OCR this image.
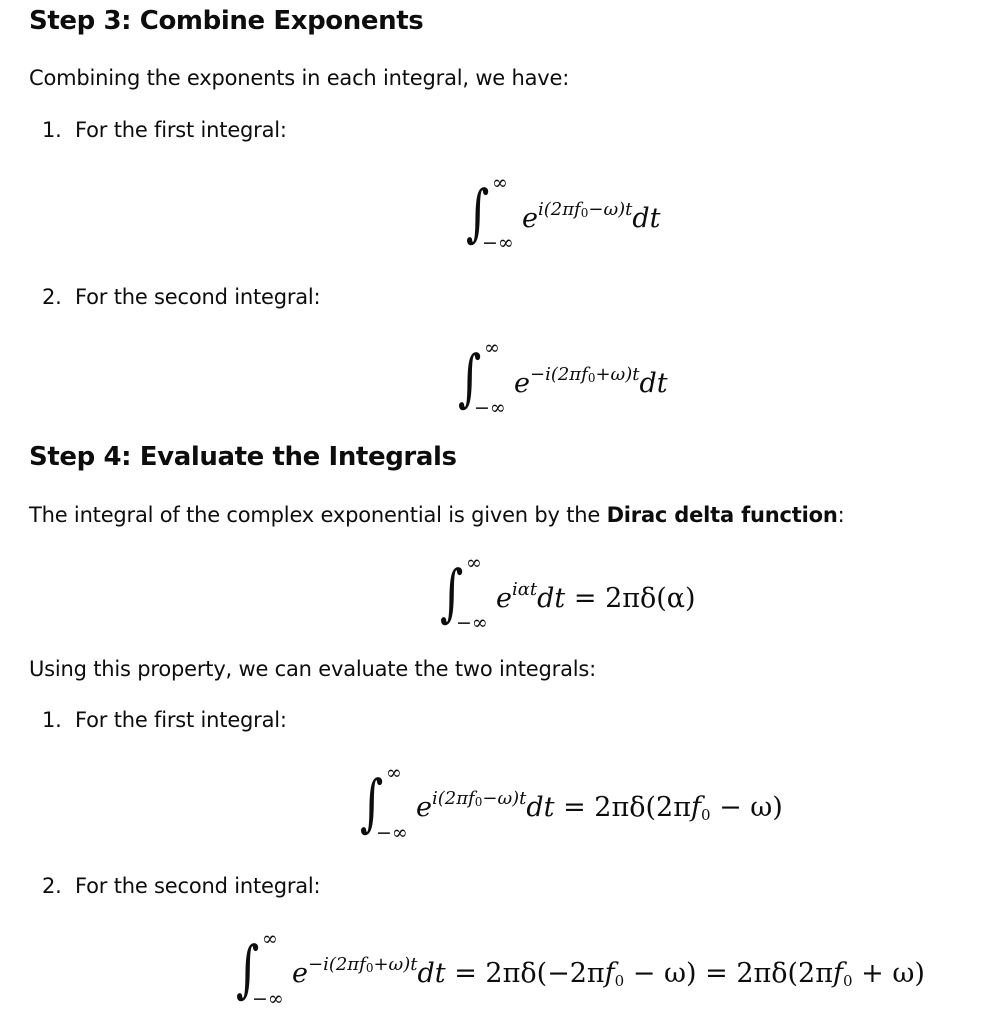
Step 3: Combine Exponents

Combining the exponents in each integral, we have:

1. For the first integral:
∫ ∞
−∞
$e^{i(2\pi f0-\omega)t}dt$
2. For the second integral:
∫ ∞
−∞
$e^{-i(2\pi f0+\omega)t}dt$
Step 4: Evaluate the Integrals

The integral of the complex exponential is given by the Dirac delta function:

∫ ∞
−∞
$e^{i\alpha t}dt = 2\pi\delta(\alpha)$

Using this property, we can evaluate the two integrals:

1. For the first integral:
∫ ∞
−∞
$e^{i(2\pi f0-\omega)t}dt = 2\pi\delta(2\pi f_0 - \omega)$
2. For the second integral:
∫ ∞
−∞
$e^{-i(2\pi f0+\omega)t}dt = 2\pi\delta(-2\pi f_0 - \omega) = 2\pi\delta(2\pi f_0 + \omega)$
